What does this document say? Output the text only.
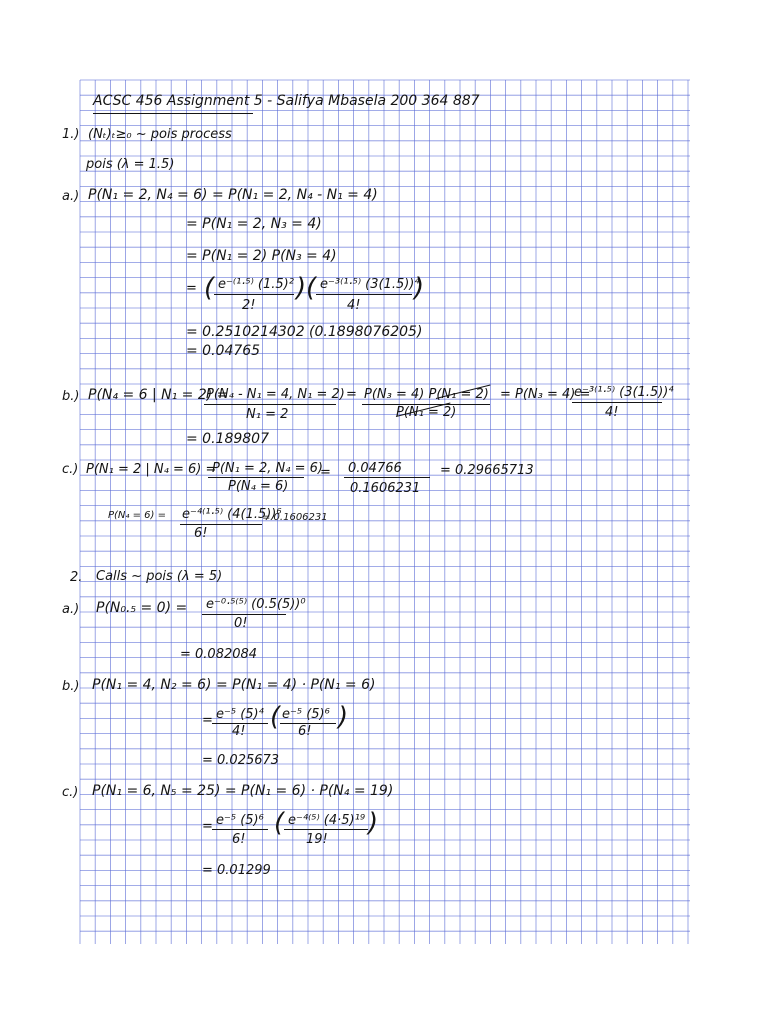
ACSC 456 Assignment 5 - Salifya Mbasela 200 364 887
1.) (Nₜ)ₜ≥₀ ~ pois process
pois (λ = 1.5)
a.) P(N₁ = 2, N₄ = 6) = P(N₁ = 2, N₄ - N₁ = 4)
= P(N₁ = 2, N₃ = 4)
= P(N₁ = 2) P(N₃ = 4)
= ( e⁻⁽¹·⁵⁾ (1.5)²
2!
) ( e⁻³⁽¹·⁵⁾ (3(1.5))⁴
4!
)
= 0.2510214302 (0.1898076205)
= 0.04765
b.) P(N₄ = 6 | N₁ = 2) =
P(N₄ - N₁ = 4, N₁ = 2)
N₁ = 2
= P(N₃ = 4) P(N₁ = 2)
P(N₁ = 2)
= P(N₃ = 4) =
e⁻³⁽¹·⁵⁾ (3(1.5))⁴
4!
= 0.189807
c.) P(N₁ = 2 | N₄ = 6) =
P(N₁ = 2, N₄ = 6)
P(N₄ = 6)
= 0.04766
0.1606231
= 0.29665713
P(N₄ = 6) = e⁻⁴⁽¹·⁵⁾ (4(1.5))⁶
6!
= 0.1606231
2. Calls ~ pois (λ = 5)
a.) P(N₀.₅ = 0) = e⁻⁰·⁵⁽⁵⁾ (0.5(5))⁰
0!
= 0.082084
b.) P(N₁ = 4, N₂ = 6) = P(N₁ = 4) · P(N₁ = 6)
= e⁻⁵ (5)⁴
4! ( e⁻⁵ (5)⁶
6! )
= 0.025673
c.) P(N₁ = 6, N₅ = 25) = P(N₁ = 6) · P(N₄ = 19)
= e⁻⁵ (5)⁶
6!
( e⁻⁴⁽⁵⁾ (4·5)¹⁹
19!
)
= 0.01299
